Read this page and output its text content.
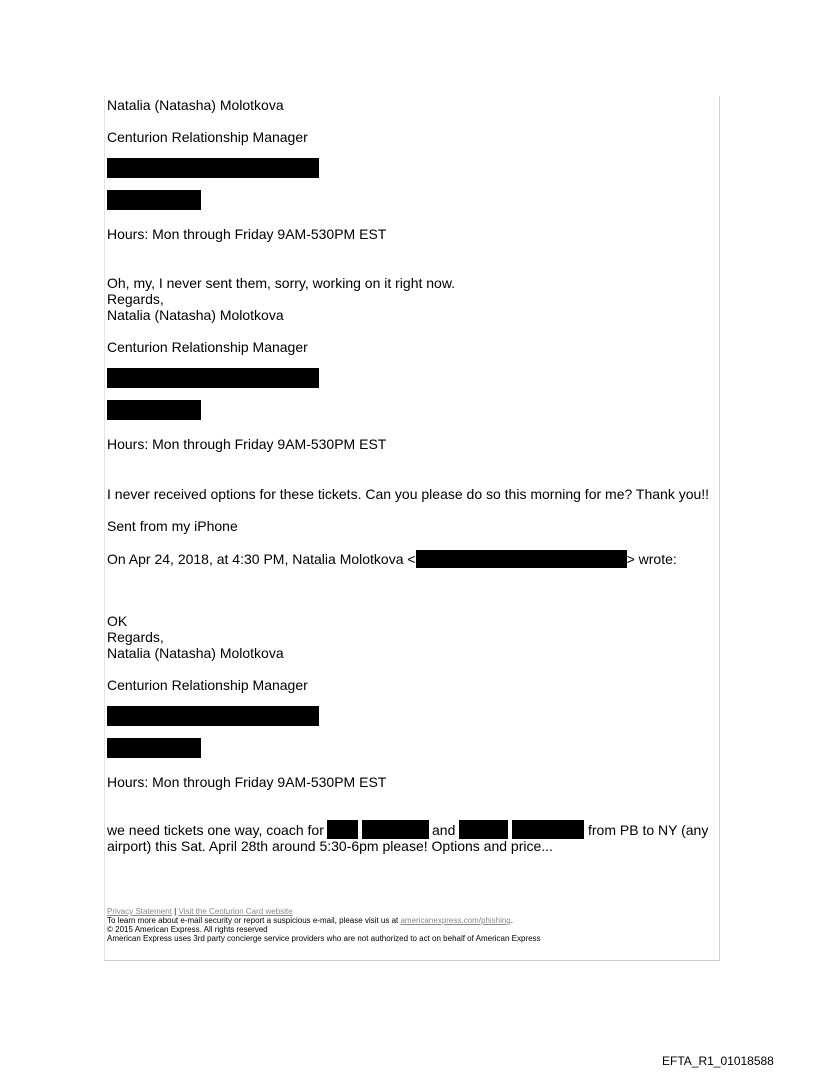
Natalia (Natasha) Molotkova
Centurion Relationship Manager
Hours: Mon through Friday 9AM-530PM EST
Oh, my, I never sent them, sorry, working on it right now.
Regards,
Natalia (Natasha) Molotkova
Centurion Relationship Manager
Hours: Mon through Friday 9AM-530PM EST
I never received options for these tickets. Can you please do so this morning for me? Thank you!!
Sent from my iPhone
On Apr 24, 2018, at 4:30 PM, Natalia Molotkova <	> wrote:
OK
Regards,
Natalia (Natasha) Molotkova
Centurion Relationship Manager
Hours: Mon through Friday 9AM-530PM EST
we need tickets one way, coach for	and	from PB to NY (any
airport) this Sat. April 28th around 5:30-6pm please! Options and price...
Privacy Statement | Visit the Centurion Card website
To learn more about e-mail security or report a suspicious e-mail, please visit us at americanexpress.com/phishing.
© 2015 American Express. All rights reserved
American Express uses 3rd party concierge service providers who are not authorized to act on behalf of American Express
EFTA_R1_01018588
